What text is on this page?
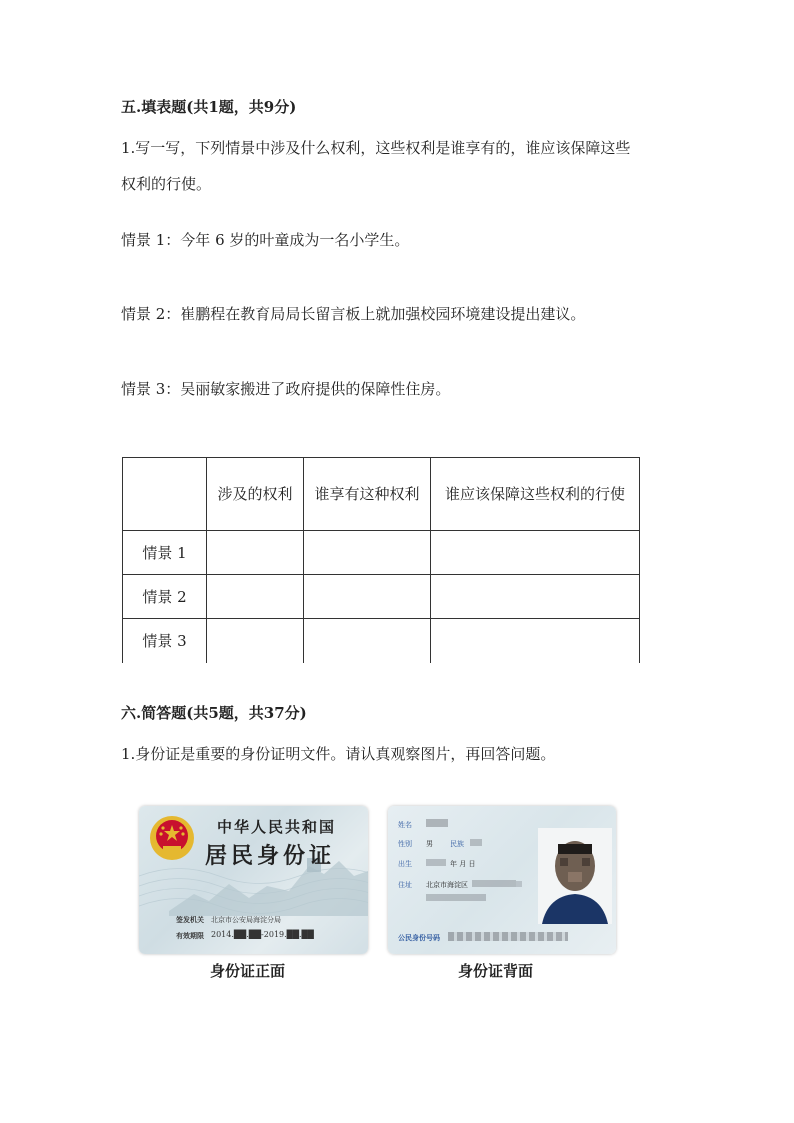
五.填表题(共1题，共9分)
1.写一写，下列情景中涉及什么权利，这些权利是谁享有的，谁应该保障这些
权利的行使。
情景 1：今年 6 岁的叶童成为一名小学生。
情景 2：崔鹏程在教育局局长留言板上就加强校园环境建设提出建议。
情景 3：吴丽敏家搬进了政府提供的保障性住房。
	涉及的权利	谁享有这种权利	谁应该保障这些权利的行使
情景 1			
情景 2			
情景 3			
六.简答题(共5题，共37分)
1.身份证是重要的身份证明文件。请认真观察图片，再回答问题。
中华人民共和国
居民身份证
签发机关 北京市公安局海淀分局
有效期限 2014.██.██-2019.██.██
身份证正面
姓名
性别 男 民族
出生	年 月 日
住址 北京市海淀区
公民身份号码
身份证背面
